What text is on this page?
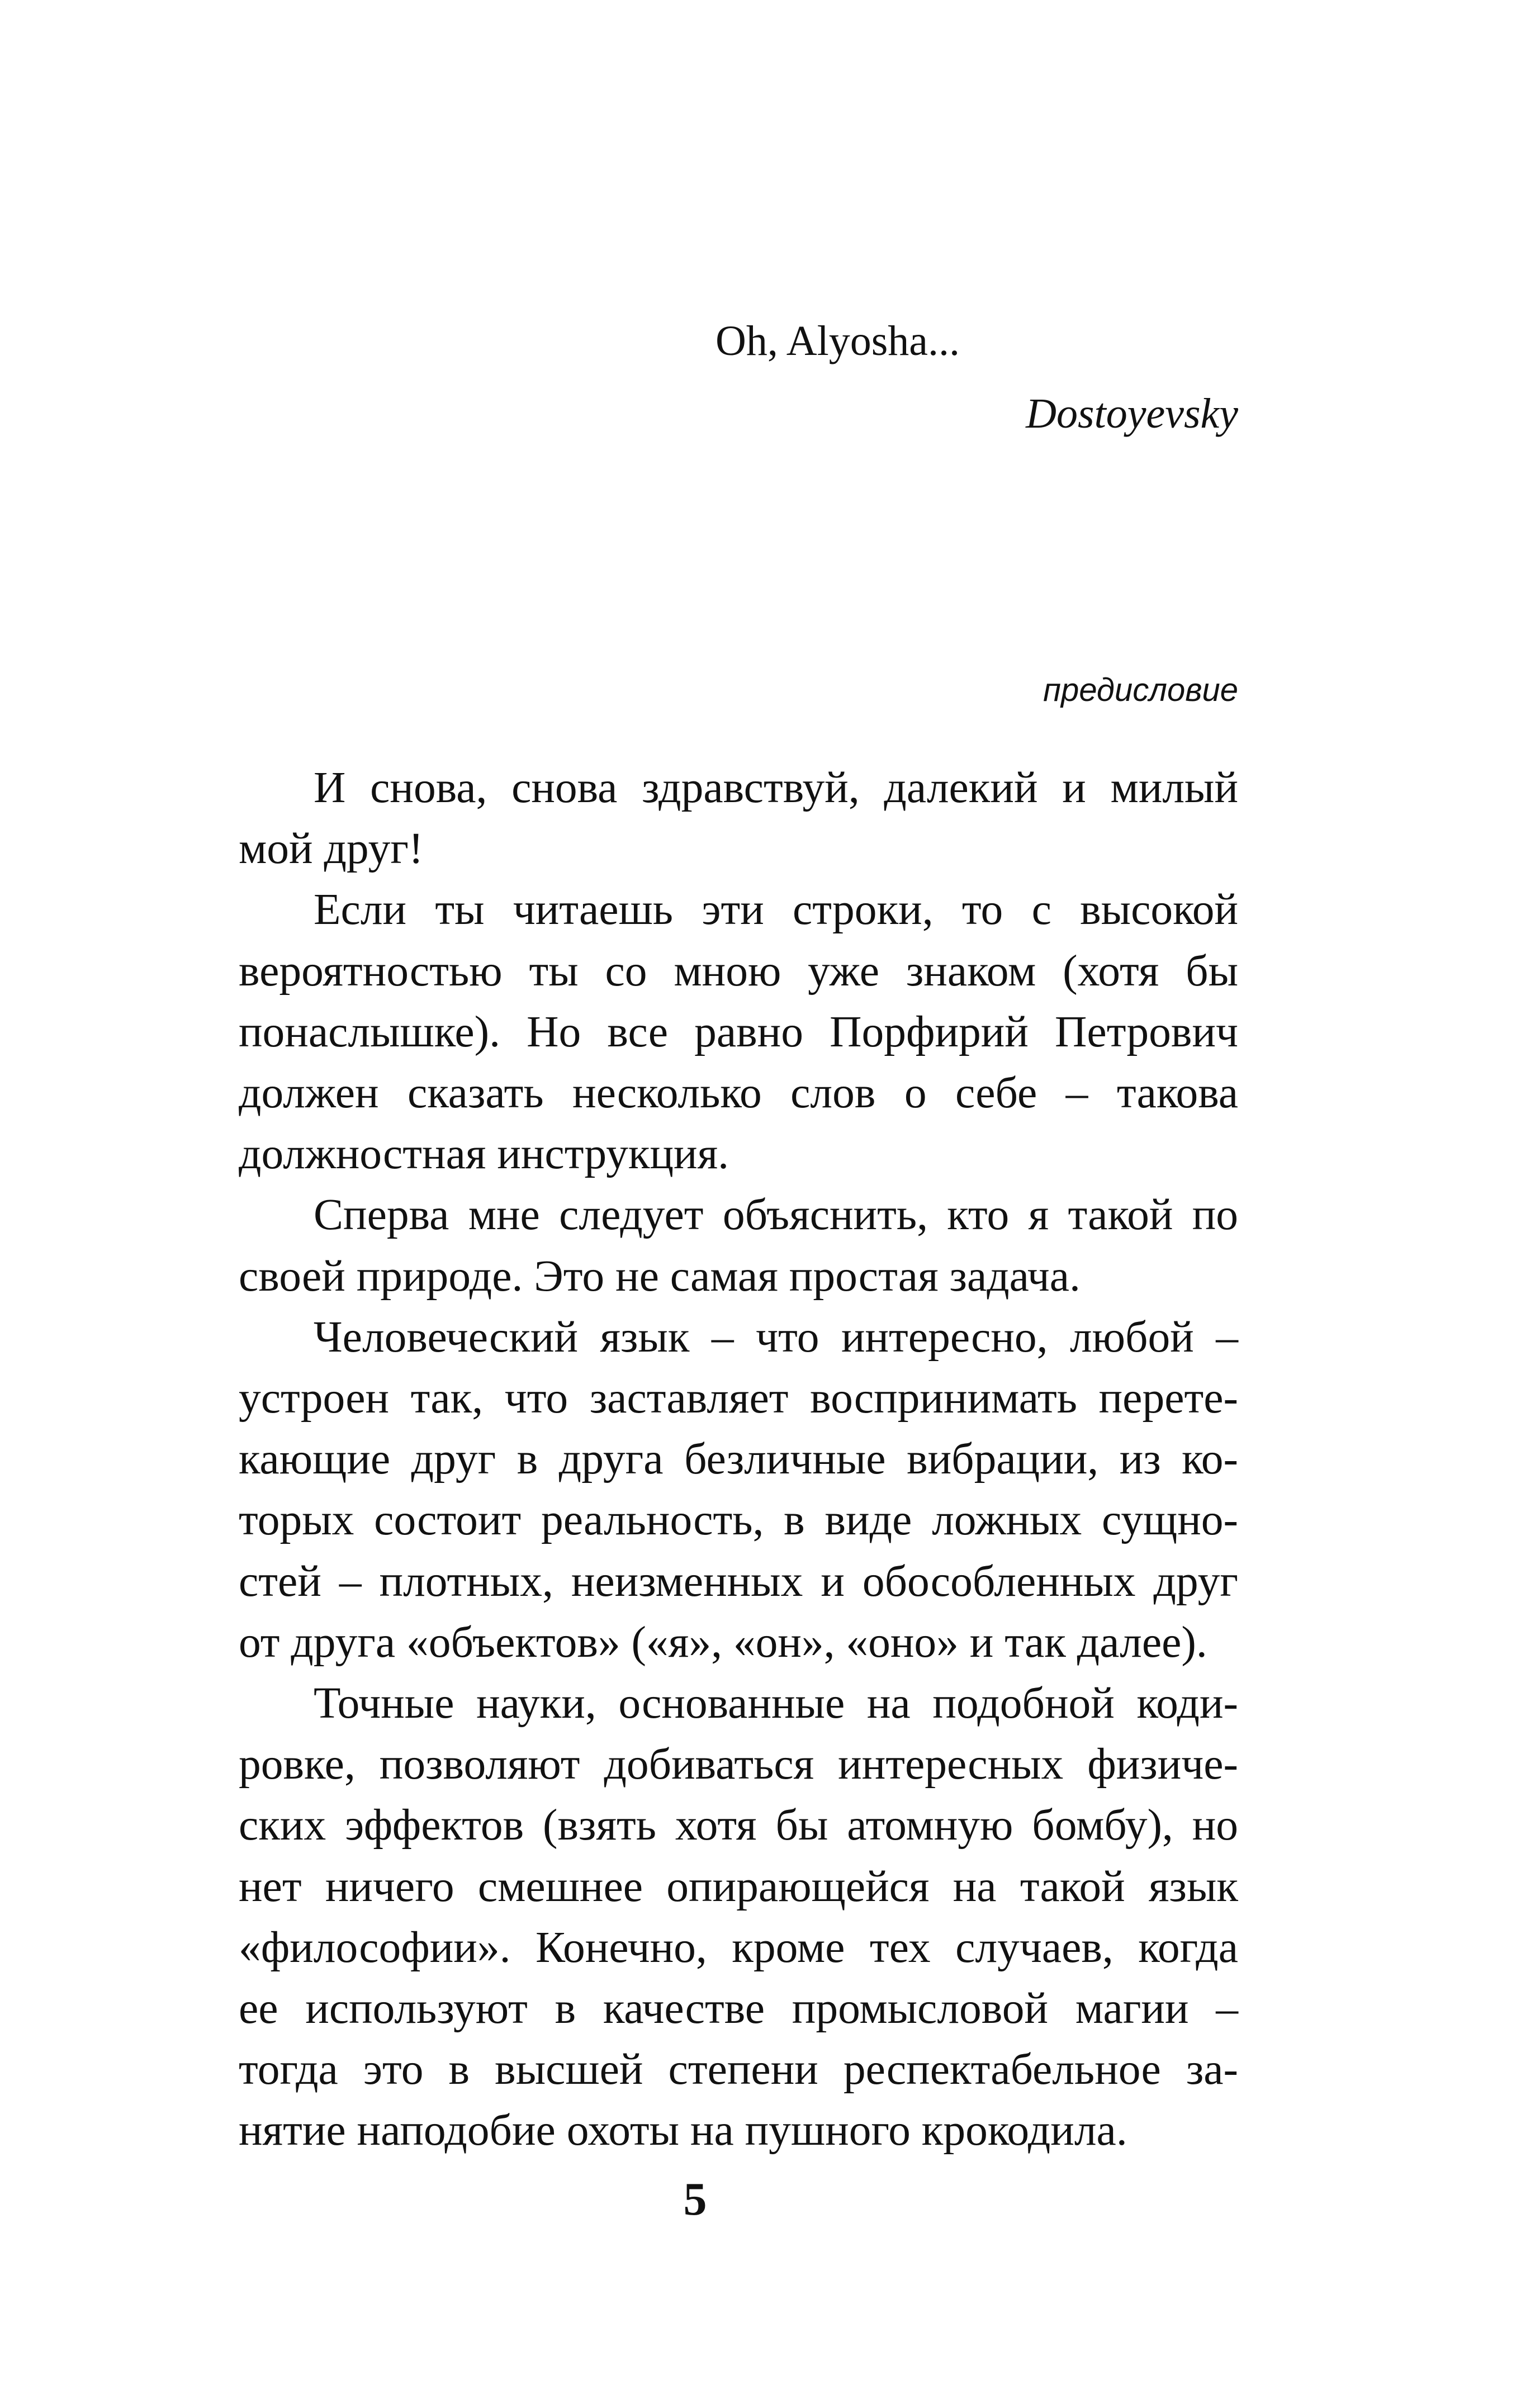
Oh, Alyosha...
Dostoyevsky
предисловие
И снова, снова здравствуй, далекий и милый
мой друг!
Если ты читаешь эти строки, то с высокой
вероятностью ты со мною уже знаком (хотя бы
понаслышке). Но все равно Порфирий Петрович
должен сказать несколько слов о себе – такова
должностная инструкция.
Сперва мне следует объяснить, кто я такой по
своей природе. Это не самая простая задача.
Человеческий язык – что интересно, любой –
устроен так, что заставляет воспринимать перете-
кающие друг в друга безличные вибрации, из ко-
торых состоит реальность, в виде ложных сущно-
стей – плотных, неизменных и обособленных друг
от друга «объектов» («я», «он», «оно» и так далее).
Точные науки, основанные на подобной коди-
ровке, позволяют добиваться интересных физиче-
ских эффектов (взять хотя бы атомную бомбу), но
нет ничего смешнее опирающейся на такой язык
«философии». Конечно, кроме тех случаев, когда
ее используют в качестве промысловой магии –
тогда это в высшей степени респектабельное за-
нятие наподобие охоты на пушного крокодила.
5
